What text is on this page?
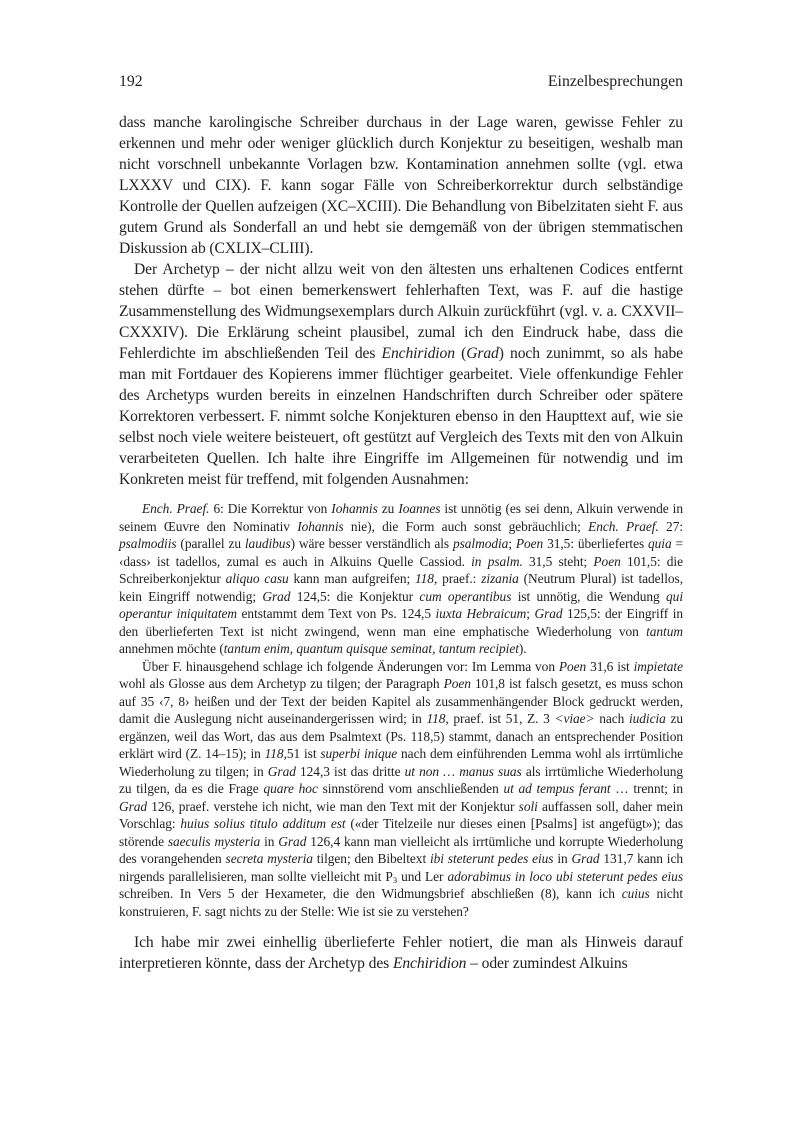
192	Einzelbesprechungen

dass manche karolingische Schreiber durchaus in der Lage waren, gewisse Fehler zu erkennen und mehr oder weniger glücklich durch Konjektur zu beseitigen, weshalb man nicht vorschnell unbekannte Vorlagen bzw. Kontamination annehmen sollte (vgl. etwa LXXXV und CIX). F. kann sogar Fälle von Schreiberkorrektur durch selbständige Kontrolle der Quellen aufzeigen (XC–XCIII). Die Behandlung von Bibelzitaten sieht F. aus gutem Grund als Sonderfall an und hebt sie demgemäß von der übrigen stemmatischen Diskussion ab (CXLIX–CLIII).

Der Archetyp – der nicht allzu weit von den ältesten uns erhaltenen Codices entfernt stehen dürfte – bot einen bemerkenswert fehlerhaften Text, was F. auf die hastige Zusammenstellung des Widmungsexemplars durch Alkuin zurückführt (vgl. v. a. CXXVII–CXXXIV). Die Erklärung scheint plausibel, zumal ich den Eindruck habe, dass die Fehlerdichte im abschließenden Teil des Enchiridion (Grad) noch zunimmt, so als habe man mit Fortdauer des Kopierens immer flüchtiger gearbeitet. Viele offenkundige Fehler des Archetyps wurden bereits in einzelnen Handschriften durch Schreiber oder spätere Korrektoren verbessert. F. nimmt solche Konjekturen ebenso in den Haupttext auf, wie sie selbst noch viele weitere beisteuert, oft gestützt auf Vergleich des Texts mit den von Alkuin verarbeiteten Quellen. Ich halte ihre Eingriffe im Allgemeinen für notwendig und im Konkreten meist für treffend, mit folgenden Ausnahmen:

Ench. Praef. 6: Die Korrektur von Iohannis zu Ioannes ist unnötig (es sei denn, Alkuin verwende in seinem Œuvre den Nominativ Iohannis nie), die Form auch sonst gebräuchlich; Ench. Praef. 27: psalmodiis (parallel zu laudibus) wäre besser verständlich als psalmodia; Poen 31,5: überliefertes quia = ‹dass› ist tadellos, zumal es auch in Alkuins Quelle Cassiod. in psalm. 31,5 steht; Poen 101,5: die Schreiberkonjektur aliquo casu kann man aufgreifen; 118, praef.: zizania (Neutrum Plural) ist tadellos, kein Eingriff notwendig; Grad 124,5: die Konjektur cum operantibus ist unnötig, die Wendung qui operantur iniquitatem entstammt dem Text von Ps. 124,5 iuxta Hebraicum; Grad 125,5: der Eingriff in den überlieferten Text ist nicht zwingend, wenn man eine emphatische Wiederholung von tantum annehmen möchte (tantum enim, quantum quisque seminat, tantum recipiet).

Über F. hinausgehend schlage ich folgende Änderungen vor: Im Lemma von Poen 31,6 ist impietate wohl als Glosse aus dem Archetyp zu tilgen; der Paragraph Poen 101,8 ist falsch gesetzt, es muss schon auf 35 ‹7, 8› heißen und der Text der beiden Kapitel als zusammenhängender Block gedruckt werden, damit die Auslegung nicht auseinandergerissen wird; in 118, praef. ist 51, Z. 3 <viae> nach iudicia zu ergänzen, weil das Wort, das aus dem Psalmtext (Ps. 118,5) stammt, danach an entsprechender Position erklärt wird (Z. 14–15); in 118,51 ist superbi inique nach dem einführenden Lemma wohl als irrtümliche Wiederholung zu tilgen; in Grad 124,3 ist das dritte ut non … manus suas als irrtümliche Wiederholung zu tilgen, da es die Frage quare hoc sinnstörend vom anschließenden ut ad tempus ferant … trennt; in Grad 126, praef. verstehe ich nicht, wie man den Text mit der Konjektur soli auffassen soll, daher mein Vorschlag: huius solius titulo additum est («der Titelzeile nur dieses einen [Psalms] ist angefügt»); das störende saeculis mysteria in Grad 126,4 kann man vielleicht als irrtümliche und korrupte Wiederholung des vorangehenden secreta mysteria tilgen; den Bibeltext ibi steterunt pedes eius in Grad 131,7 kann ich nirgends parallelisieren, man sollte vielleicht mit P3 und Ler adorabimus in loco ubi steterunt pedes eius schreiben. In Vers 5 der Hexameter, die den Widmungsbrief abschließen (8), kann ich cuius nicht konstruieren, F. sagt nichts zu der Stelle: Wie ist sie zu verstehen?

Ich habe mir zwei einhellig überlieferte Fehler notiert, die man als Hinweis darauf interpretieren könnte, dass der Archetyp des Enchiridion – oder zumindest Alkuins
